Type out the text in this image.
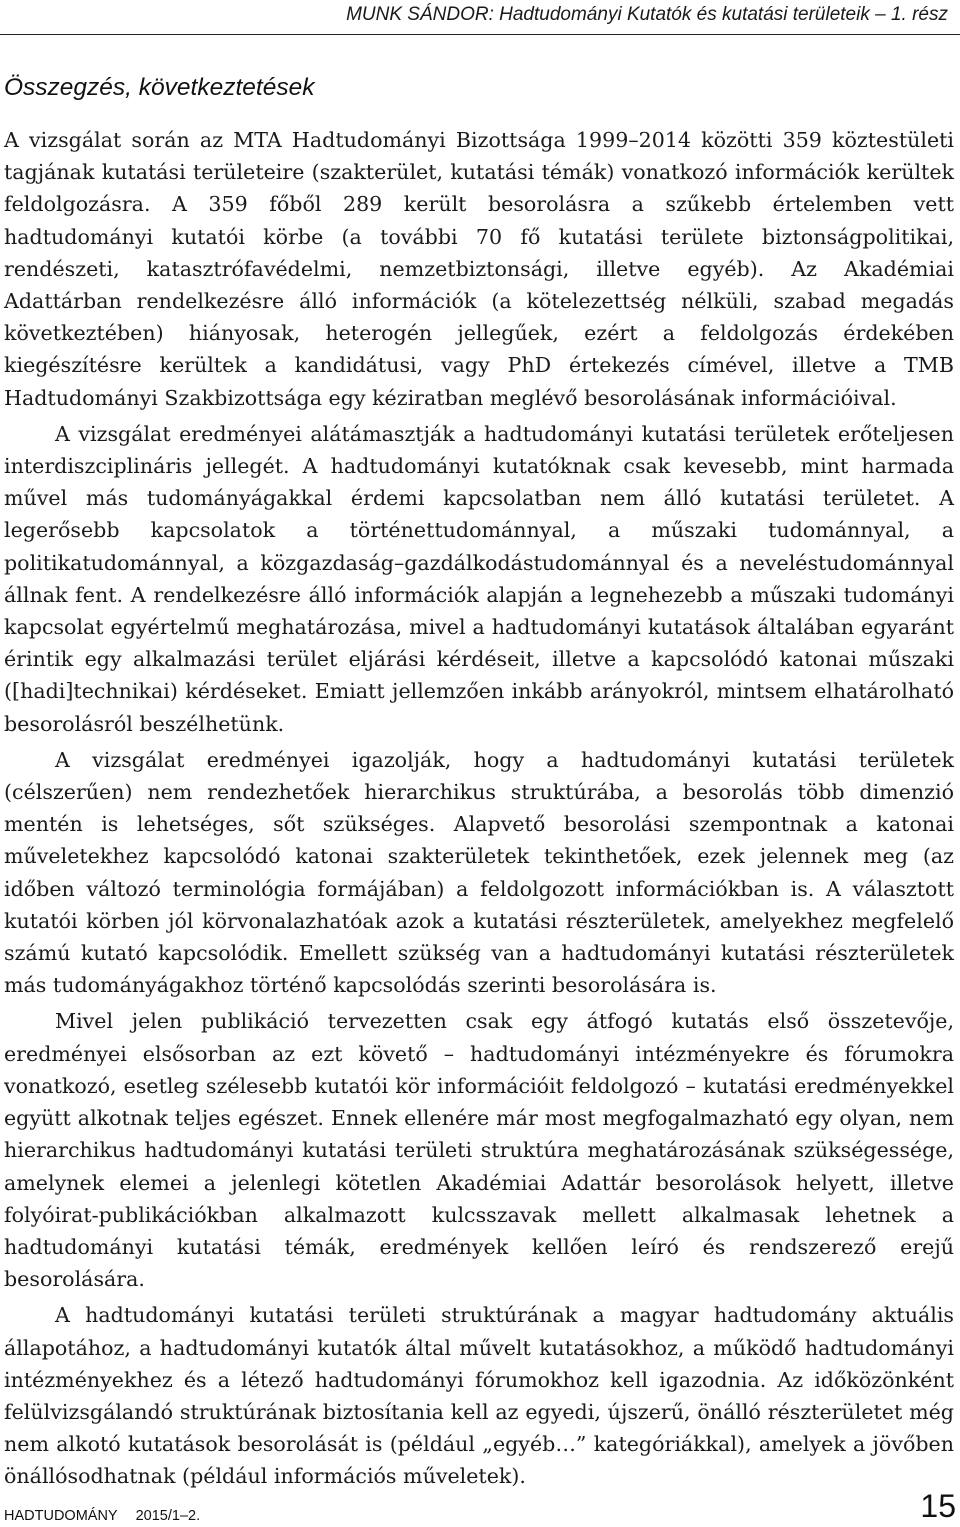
MUNK SÁNDOR: Hadtudományi Kutatók és kutatási területeik – 1. rész
Összegzés, következtetések

A vizsgálat során az MTA Hadtudományi Bizottsága 1999–2014 közötti 359 köztestületi tagjának kutatási területeire (szakterület, kutatási témák) vonatkozó információk kerültek feldolgozásra. A 359 főből 289 került besorolásra a szűkebb értelemben vett hadtudományi kutatói körbe (a további 70 fő kutatási területe biztonságpolitikai, rendészeti, katasztrófavédelmi, nemzetbiztonsági, illetve egyéb). Az Akadémiai Adattárban rendelkezésre álló információk (a kötelezettség nélküli, szabad megadás következtében) hiányosak, heterogén jellegűek, ezért a feldolgozás érdekében kiegészítésre kerültek a kandidátusi, vagy PhD értekezés címével, illetve a TMB Hadtudományi Szakbizottsága egy kéziratban meglévő besorolásának információival.

A vizsgálat eredményei alátámasztják a hadtudományi kutatási területek erőteljesen interdiszciplináris jellegét. A hadtudományi kutatóknak csak kevesebb, mint harmada művel más tudományágakkal érdemi kapcsolatban nem álló kutatási területet. A legerősebb kapcsolatok a történettudománnyal, a műszaki tudománnyal, a politikatudománnyal, a közgazdaság–gazdálkodástudománnyal és a neveléstudománnyal állnak fent. A rendelkezésre álló információk alapján a legnehezebb a műszaki tudományi kapcsolat egyértelmű meghatározása, mivel a hadtudományi kutatások általában egyaránt érintik egy alkalmazási terület eljárási kérdéseit, illetve a kapcsolódó katonai műszaki ([hadi]technikai) kérdéseket. Emiatt jellemzően inkább arányokról, mintsem elhatárolható besorolásról beszélhetünk.

A vizsgálat eredményei igazolják, hogy a hadtudományi kutatási területek (célszerűen) nem rendezhetőek hierarchikus struktúrába, a besorolás több dimenzió mentén is lehetséges, sőt szükséges. Alapvető besorolási szempontnak a katonai műveletekhez kapcsolódó katonai szakterületek tekinthetőek, ezek jelennek meg (az időben változó terminológia formájában) a feldolgozott információkban is. A választott kutatói körben jól körvonalazhatóak azok a kutatási részterületek, amelyekhez megfelelő számú kutató kapcsolódik. Emellett szükség van a hadtudományi kutatási részterületek más tudományágakhoz történő kapcsolódás szerinti besorolására is.

Mivel jelen publikáció tervezetten csak egy átfogó kutatás első összetevője, eredményei elsősorban az ezt követő – hadtudományi intézményekre és fórumokra vonatkozó, esetleg szélesebb kutatói kör információit feldolgozó – kutatási eredményekkel együtt alkotnak teljes egészet. Ennek ellenére már most megfogalmazható egy olyan, nem hierarchikus hadtudományi kutatási területi struktúra meghatározásának szükségessége, amelynek elemei a jelenlegi kötetlen Akadémiai Adattár besorolások helyett, illetve folyóirat-publikációkban alkalmazott kulcsszavak mellett alkalmasak lehetnek a hadtudományi kutatási témák, eredmények kellően leíró és rendszerező erejű besorolására.

A hadtudományi kutatási területi struktúrának a magyar hadtudomány aktuális állapotához, a hadtudományi kutatók által művelt kutatásokhoz, a működő hadtudományi intézményekhez és a létező hadtudományi fórumokhoz kell igazodnia. Az időközönként felülvizsgálandó struktúrának biztosítania kell az egyedi, újszerű, önálló részterületet még nem alkotó kutatások besorolását is (például „egyéb…” kategóriákkal), amelyek a jövőben önállósodhatnak (például információs műveletek).

HADTUDOMÁNY 2015/1–2.	15
